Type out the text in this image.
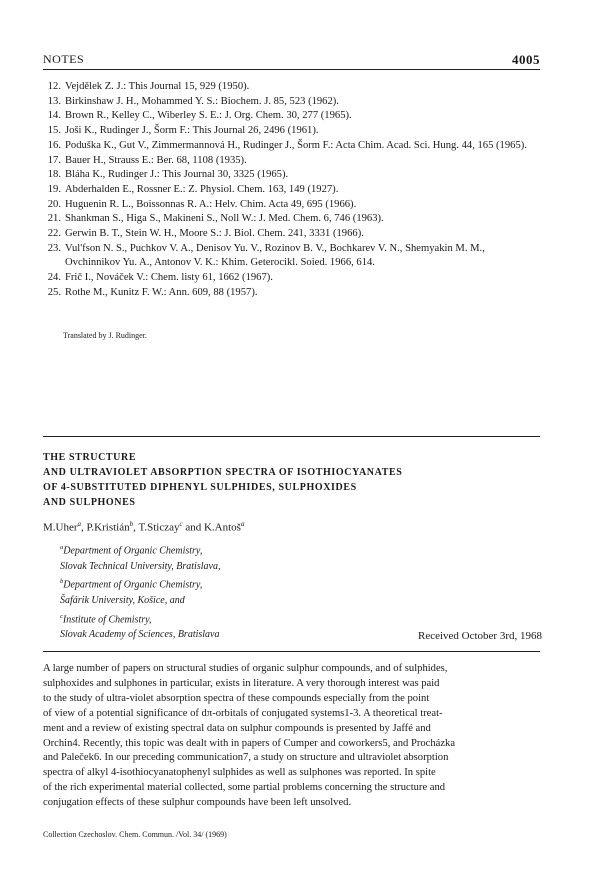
NOTES	4005
12. Vejdělek Z. J.: This Journal 15, 929 (1950).
13. Birkinshaw J. H., Mohammed Y. S.: Biochem. J. 85, 523 (1962).
14. Brown R., Kelley C., Wiberley S. E.: J. Org. Chem. 30, 277 (1965).
15. Joši K., Rudinger J., Šorm F.: This Journal 26, 2496 (1961).
16. Poduška K., Gut V., Zimmermannová H., Rudinger J., Šorm F.: Acta Chim. Acad. Sci. Hung. 44, 165 (1965).
17. Bauer H., Strauss E.: Ber. 68, 1108 (1935).
18. Bláha K., Rudinger J.: This Journal 30, 3325 (1965).
19. Abderhalden E., Rossner E.: Z. Physiol. Chem. 163, 149 (1927).
20. Huguenin R. L., Boissonnas R. A.: Helv. Chim. Acta 49, 695 (1966).
21. Shankman S., Higa S., Makineni S., Noll W.: J. Med. Chem. 6, 746 (1963).
22. Gerwin B. T., Stein W. H., Moore S.: J. Biol. Chem. 241, 3331 (1966).
23. Vul'fson N. S., Puchkov V. A., Denisov Yu. V., Rozinov B. V., Bochkarev V. N., Shemyakin M. M., Ovchinnikov Yu. A., Antonov V. K.: Khim. Geterocikl. Soied. 1966, 614.
24. Frič I., Nováček V.: Chem. listy 61, 1662 (1967).
25. Rothe M., Kunitz F. W.: Ann. 609, 88 (1957).
Translated by J. Rudinger.
THE STRUCTURE
AND ULTRAVIOLET ABSORPTION SPECTRA OF ISOTHIOCYANATES
OF 4-SUBSTITUTED DIPHENYL SULPHIDES, SULPHOXIDES
AND SULPHONES
M.Uher$^a$, P.Kristián$^b$, T.Sticzay$^c$ and K.Antoš$^a$
$^a$Department of Organic Chemistry,
Slovak Technical University, Bratislava,
$^b$Department of Organic Chemistry,
Šafárik University, Košice, and
$^c$Institute of Chemistry,
Slovak Academy of Sciences, Bratislava	Received October 3rd, 1968
A large number of papers on structural studies of organic sulphur compounds, and of sulphides,
sulphoxides and sulphones in particular, exists in literature. A very thorough interest was paid
to the study of ultra-violet absorption spectra of these compounds especially from the point
of view of a potential significance of dπ-orbitals of conjugated systems1-3. A theoretical treat-
ment and a review of existing spectral data on sulphur compounds is presented by Jaffé and
Orchin4. Recently, this topic was dealt with in papers of Cumper and coworkers5, and Procházka
and Paleček6. In our preceding communication7, a study on structure and ultraviolet absorption
spectra of alkyl 4-isothiocyanatophenyl sulphides as well as sulphones was reported. In spite
of the rich experimental material collected, some partial problems concerning the structure and
conjugation effects of these sulphur compounds have been left unsolved.
Collection Czechoslov. Chem. Commun. /Vol. 34/ (1969)
